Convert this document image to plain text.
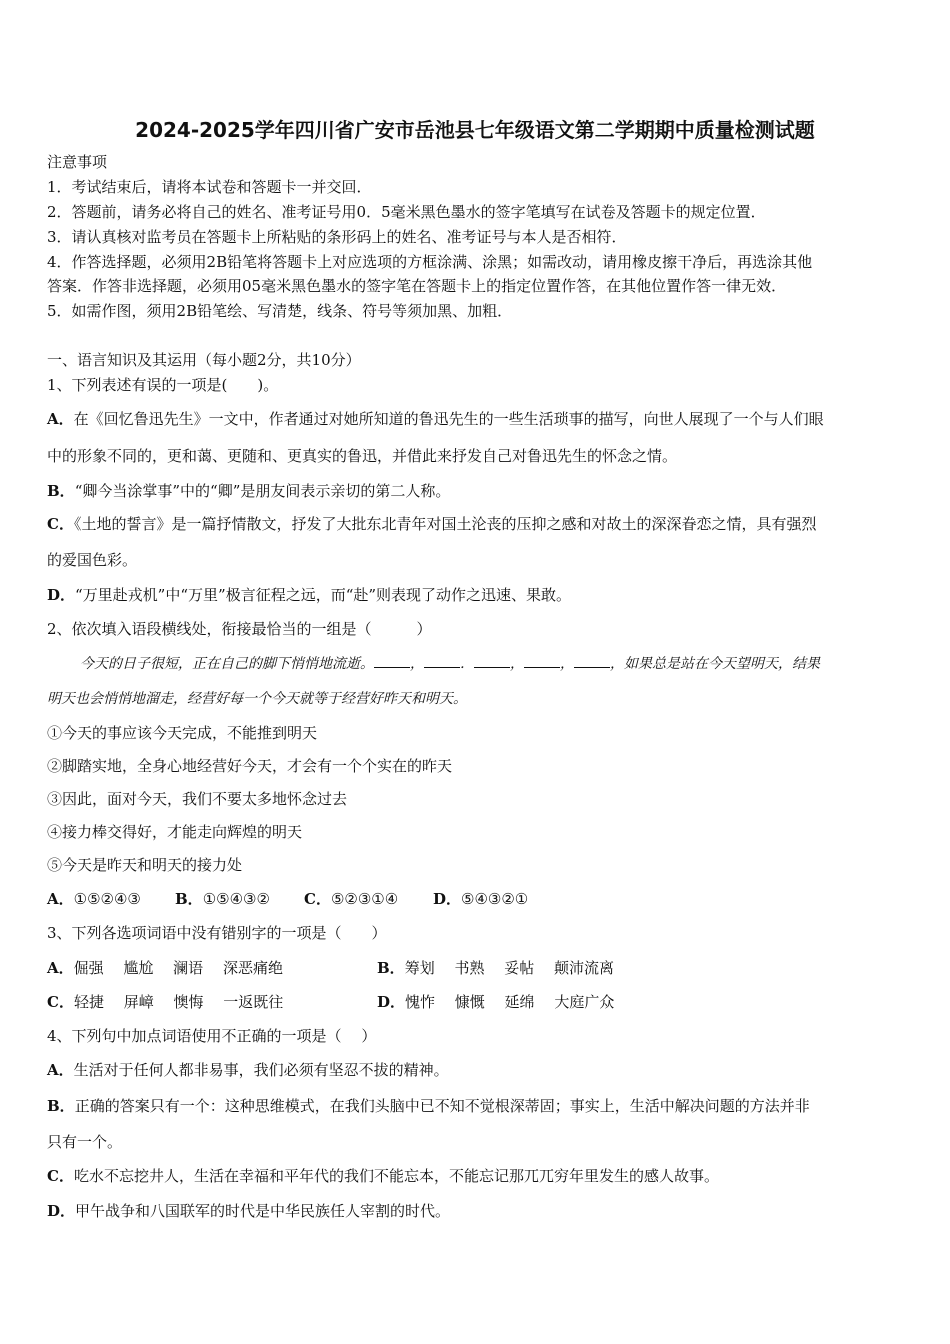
2024-2025学年四川省广安市岳池县七年级语文第二学期期中质量检测试题
注意事项
1．考试结束后，请将本试卷和答题卡一并交回．
2．答题前，请务必将自己的姓名、准考证号用0．5毫米黑色墨水的签字笔填写在试卷及答题卡的规定位置．
3．请认真核对监考员在答题卡上所粘贴的条形码上的姓名、准考证号与本人是否相符．
4．作答选择题，必须用2B铅笔将答题卡上对应选项的方框涂满、涂黑；如需改动，请用橡皮擦干净后，再选涂其他
答案．作答非选择题，必须用05毫米黑色墨水的签字笔在答题卡上的指定位置作答，在其他位置作答一律无效．
5．如需作图，须用2B铅笔绘、写清楚，线条、符号等须加黑、加粗．
一、语言知识及其运用（每小题2分，共10分）
1、下列表述有误的一项是(　　)。
A．在《回忆鲁迅先生》一文中，作者通过对她所知道的鲁迅先生的一些生活琐事的描写，向世人展现了一个与人们眼
中的形象不同的，更和蔼、更随和、更真实的鲁迅，并借此来抒发自己对鲁迅先生的怀念之情。
B．“卿今当涂掌事”中的“卿”是朋友间表示亲切的第二人称。
C．《土地的誓言》是一篇抒情散文，抒发了大批东北青年对国土沦丧的压抑之感和对故土的深深眷恋之情，具有强烈
的爱国色彩。
D．“万里赴戎机”中“万里”极言征程之远，而“赴”则表现了动作之迅速、果敢。
2、依次填入语段横线处，衔接最恰当的一组是（　　　）
今天的日子很短，正在自己的脚下悄悄地流逝。	，	．	，	，	，如果总是站在今天望明天，结果
明天也会悄悄地溜走，经营好每一个今天就等于经营好昨天和明天。
①今天的事应该今天完成，不能推到明天
②脚踏实地，全身心地经营好今天，才会有一个个实在的昨天
③因此，面对今天，我们不要太多地怀念过去
④接力棒交得好，才能走向辉煌的明天
⑤今天是昨天和明天的接力处
A．①⑤②④③ B．①⑤④③② C．⑤②③①④ D．⑤④③②①
3、下列各选项词语中没有错别字的一项是（　　）
A．倔强　 尴尬　 澜语　 深恶痛绝	B．筹划　 书熟　 妥帖　 颠沛流离
C．轻捷　 屏嶂　 懊悔　 一返既往	D．愧怍　 慷慨　 延绵　 大庭广众
4、下列句中加点词语使用不正确的一项是（　 ）
A．生活对于任何人都非易事，我们必须有坚忍不拔的精神。
B．正确的答案只有一个：这种思维模式，在我们头脑中已不知不觉根深蒂固；事实上，生活中解决问题的方法并非
只有一个。
C．吃水不忘挖井人，生活在幸福和平年代的我们不能忘本，不能忘记那兀兀穷年里发生的感人故事。
D．甲午战争和八国联军的时代是中华民族任人宰割的时代。
